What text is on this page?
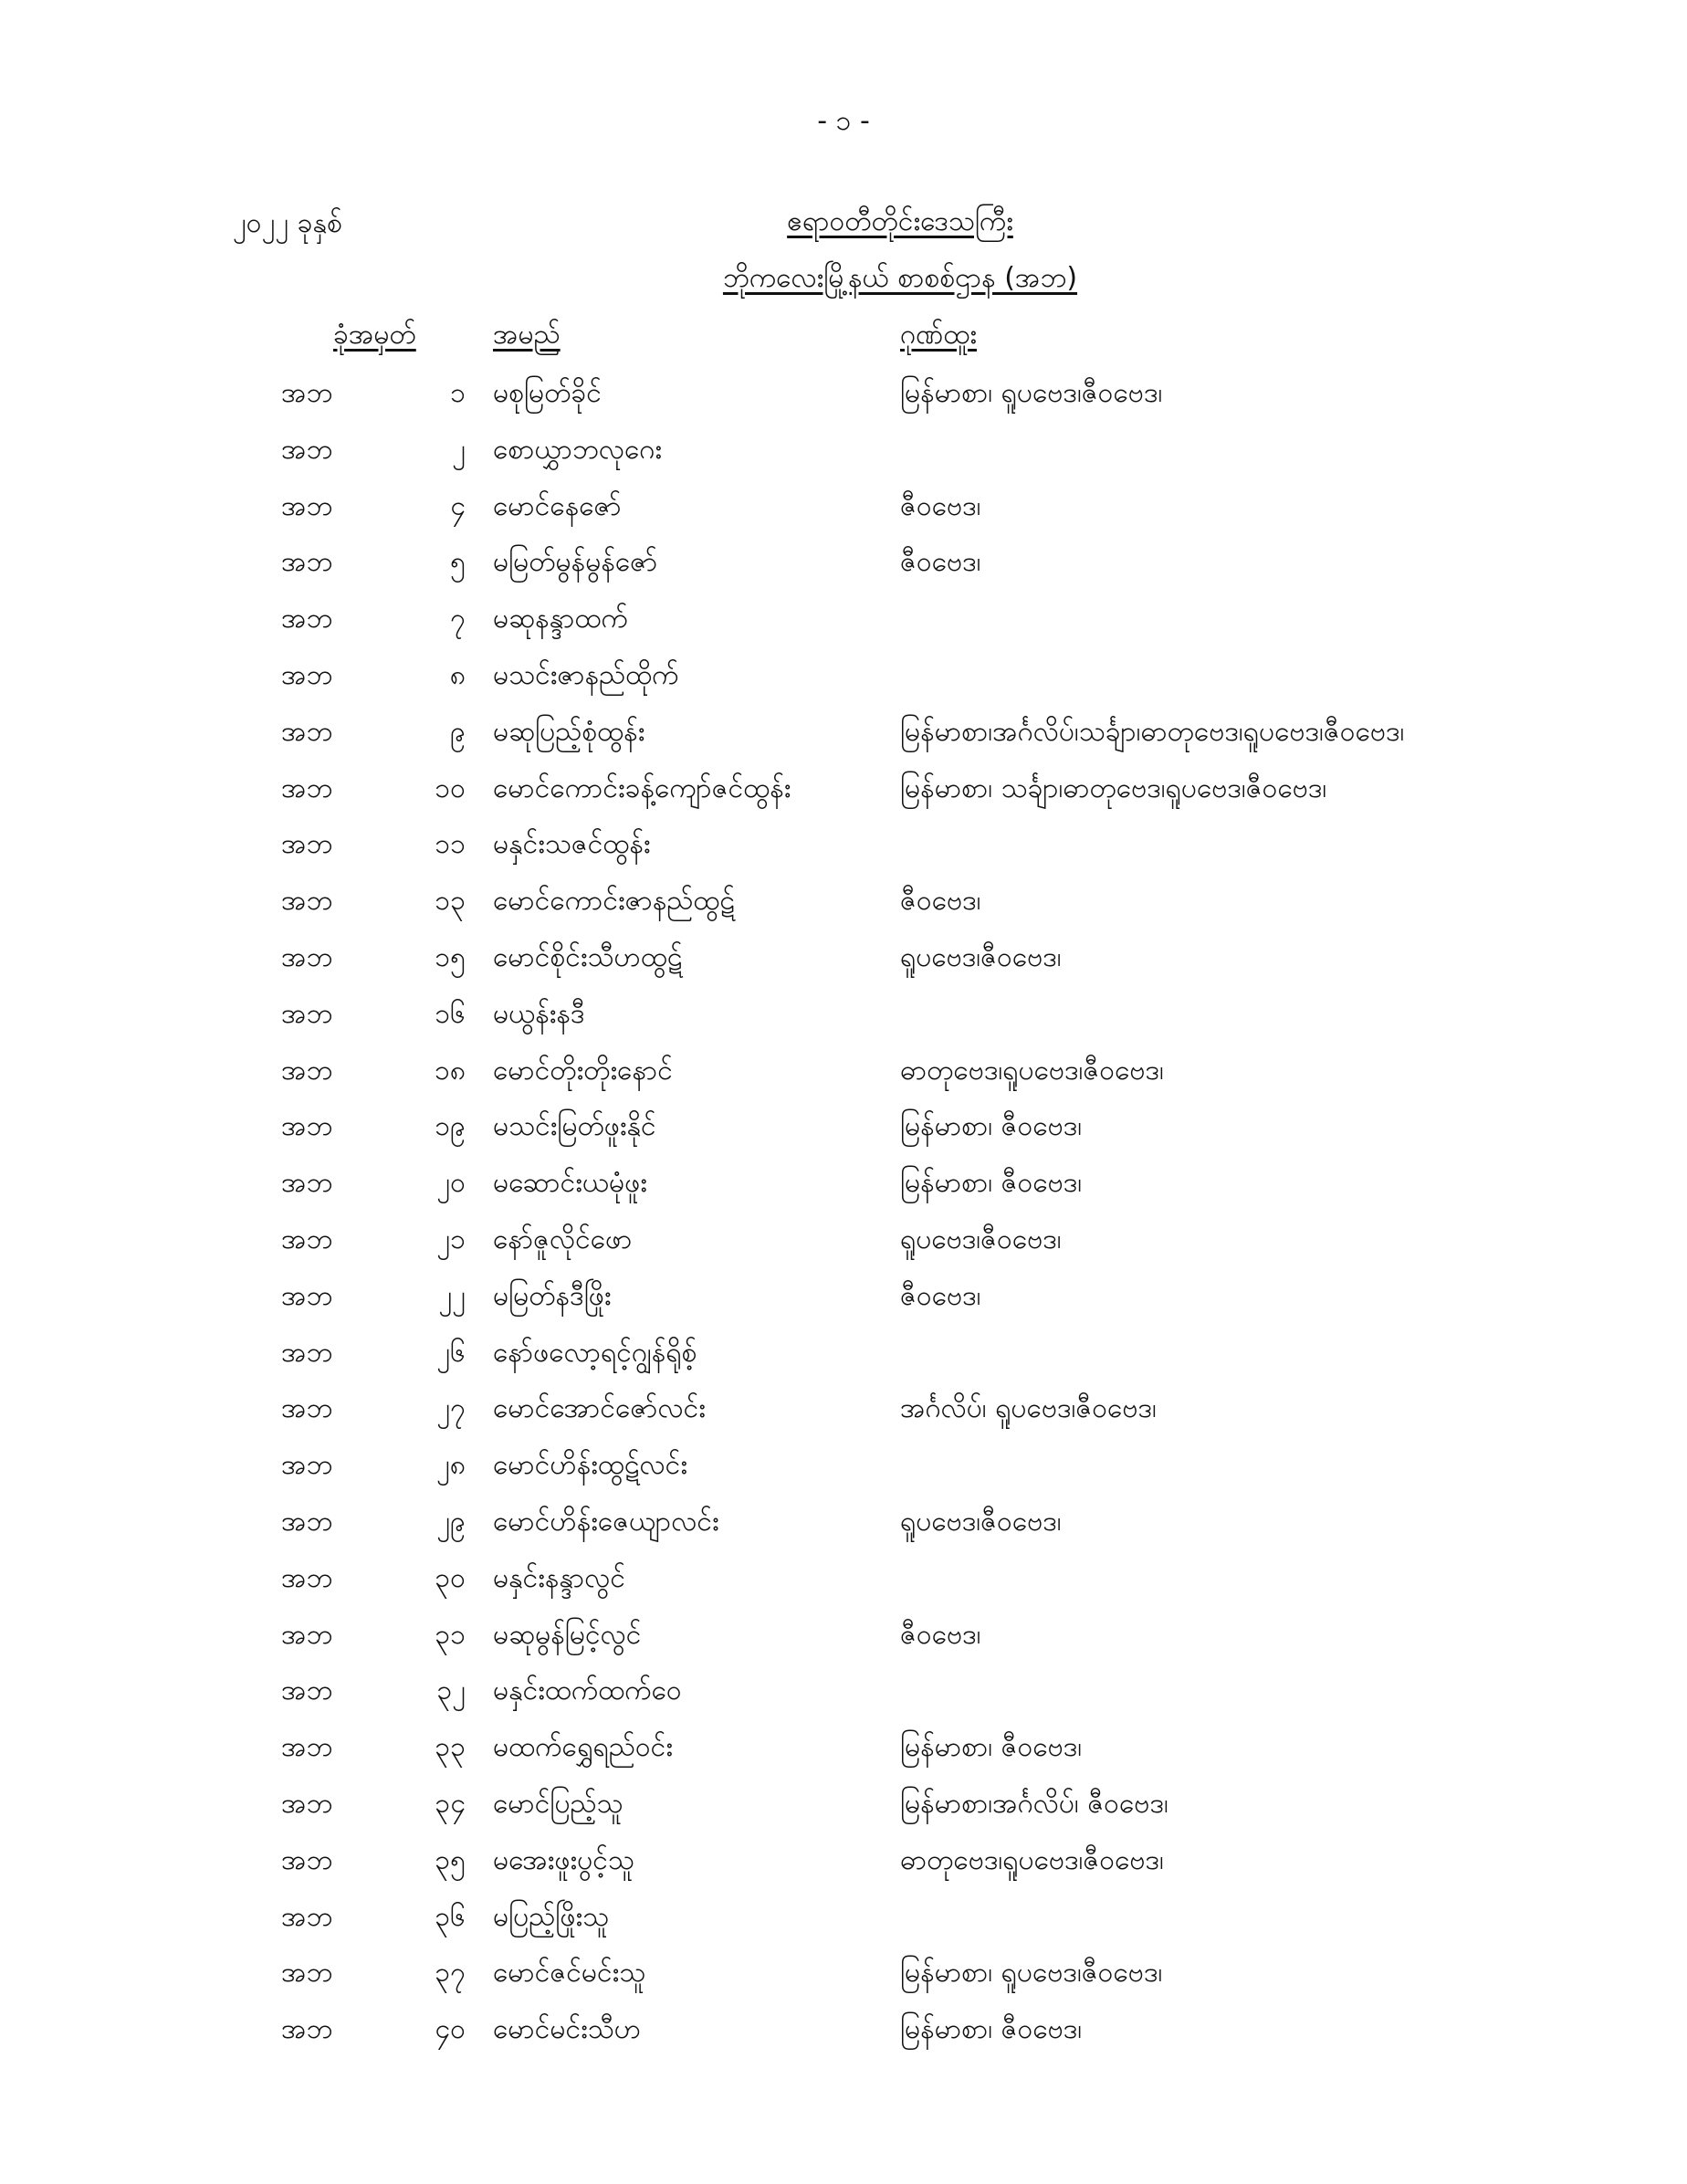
- ၁ -
၂၀၂၂ ခုနှစ်	ဧရာဝတီတိုင်းဒေသကြီး
ဘိုကလေးမြို့နယ် စာစစ်ဌာန (အဘ)
ခုံအမှတ်	အမည်	ဂုဏ်ထူး
အဘ	၁ မစုမြတ်ခိုင်	မြန်မာစာ၊ ရူပဗေဒ၊ဇီဝဗေဒ၊
အဘ	၂ စောယွှာဘလုဂေး
အဘ	၄ မောင်နေဇော်	ဇီဝဗေဒ၊
အဘ	၅ မမြတ်မွန်မွန်ဇော်	ဇီဝဗေဒ၊
အဘ	၇ မဆုနန္ဒာထက်
အဘ	၈ မသင်းဇာနည်ထိုက်
အဘ	၉ မဆုပြည့်စုံထွန်း	မြန်မာစာ၊အင်္ဂလိပ်၊သင်္ချာ၊ဓာတုဗေဒ၊ရူပဗေဒ၊ဇီဝဗေဒ၊
အဘ	၁၀ မောင်ကောင်းခန့်ကျော်ဇင်ထွန်း	မြန်မာစာ၊ သင်္ချာ၊ဓာတုဗေဒ၊ရူပဗေဒ၊ဇီဝဗေဒ၊
အဘ	၁၁ မနှင်းသဇင်ထွန်း
အဘ	၁၃ မောင်ကောင်းဇာနည်ထွဋ်	ဇီဝဗေဒ၊
အဘ	၁၅ မောင်စိုင်းသီဟထွဋ်	ရူပဗေဒ၊ဇီဝဗေဒ၊
အဘ	၁၆ မယွန်းနဒီ
အဘ	၁၈ မောင်တိုးတိုးနောင်	ဓာတုဗေဒ၊ရူပဗေဒ၊ဇီဝဗေဒ၊
အဘ	၁၉ မသင်းမြတ်ဖူးနိုင်	မြန်မာစာ၊ ဇီဝဗေဒ၊
အဘ	၂၀ မဆောင်းယမုံဖူး	မြန်မာစာ၊ ဇီဝဗေဒ၊
အဘ	၂၁ နော်ဇူလိုင်ဖော	ရူပဗေဒ၊ဇီဝဗေဒ၊
အဘ	၂၂ မမြတ်နဒီဖြိုး	ဇီဝဗေဒ၊
အဘ	၂၆ နော်ဖလော့ရင့်ဂျွန်ရိုစ့်
အဘ	၂၇ မောင်အောင်ဇော်လင်း	အင်္ဂလိပ်၊ ရူပဗေဒ၊ဇီဝဗေဒ၊
အဘ	၂၈ မောင်ဟိန်းထွဋ်လင်း
အဘ	၂၉ မောင်ဟိန်းဇေယျာလင်း	ရူပဗေဒ၊ဇီဝဗေဒ၊
အဘ	၃၀ မနှင်းနန္ဒာလွင်
အဘ	၃၁ မဆုမွန်မြင့်လွင်	ဇီဝဗေဒ၊
အဘ	၃၂ မနှင်းထက်ထက်ဝေ
အဘ	၃၃ မထက်ရွှေရည်ဝင်း	မြန်မာစာ၊ ဇီဝဗေဒ၊
အဘ	၃၄ မောင်ပြည့်သူ	မြန်မာစာ၊အင်္ဂလိပ်၊ ဇီဝဗေဒ၊
အဘ	၃၅ မအေးဖူးပွင့်သူ	ဓာတုဗေဒ၊ရူပဗေဒ၊ဇီဝဗေဒ၊
အဘ	၃၆ မပြည့်ဖြိုးသူ
အဘ	၃၇ မောင်ဇင်မင်းသူ	မြန်မာစာ၊ ရူပဗေဒ၊ဇီဝဗေဒ၊
အဘ	၄၀ မောင်မင်းသီဟ	မြန်မာစာ၊ ဇီဝဗေဒ၊
